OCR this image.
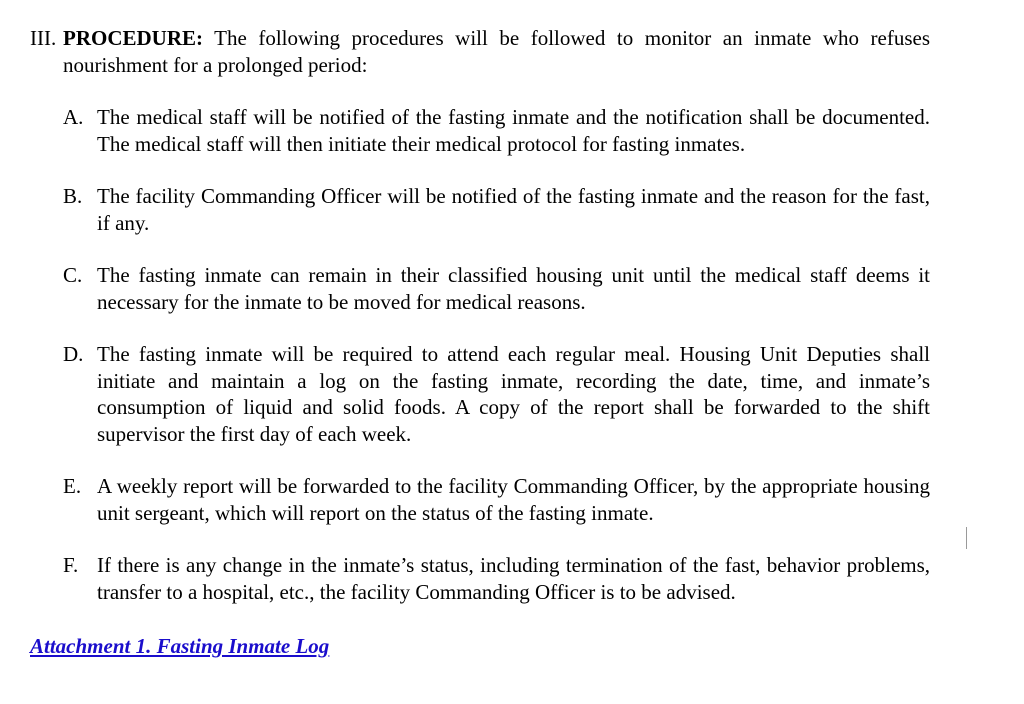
III. PROCEDURE: The following procedures will be followed to monitor an inmate who refuses nourishment for a prolonged period:

A. The medical staff will be notified of the fasting inmate and the notification shall be documented. The medical staff will then initiate their medical protocol for fasting inmates.
B. The facility Commanding Officer will be notified of the fasting inmate and the reason for the fast, if any.
C. The fasting inmate can remain in their classified housing unit until the medical staff deems it necessary for the inmate to be moved for medical reasons.
D. The fasting inmate will be required to attend each regular meal. Housing Unit Deputies shall initiate and maintain a log on the fasting inmate, recording the date, time, and inmate’s consumption of liquid and solid foods. A copy of the report shall be forwarded to the shift supervisor the first day of each week.
E. A weekly report will be forwarded to the facility Commanding Officer, by the appropriate housing unit sergeant, which will report on the status of the fasting inmate.
F. If there is any change in the inmate’s status, including termination of the fast, behavior problems, transfer to a hospital, etc., the facility Commanding Officer is to be advised.
Attachment 1. Fasting Inmate Log
